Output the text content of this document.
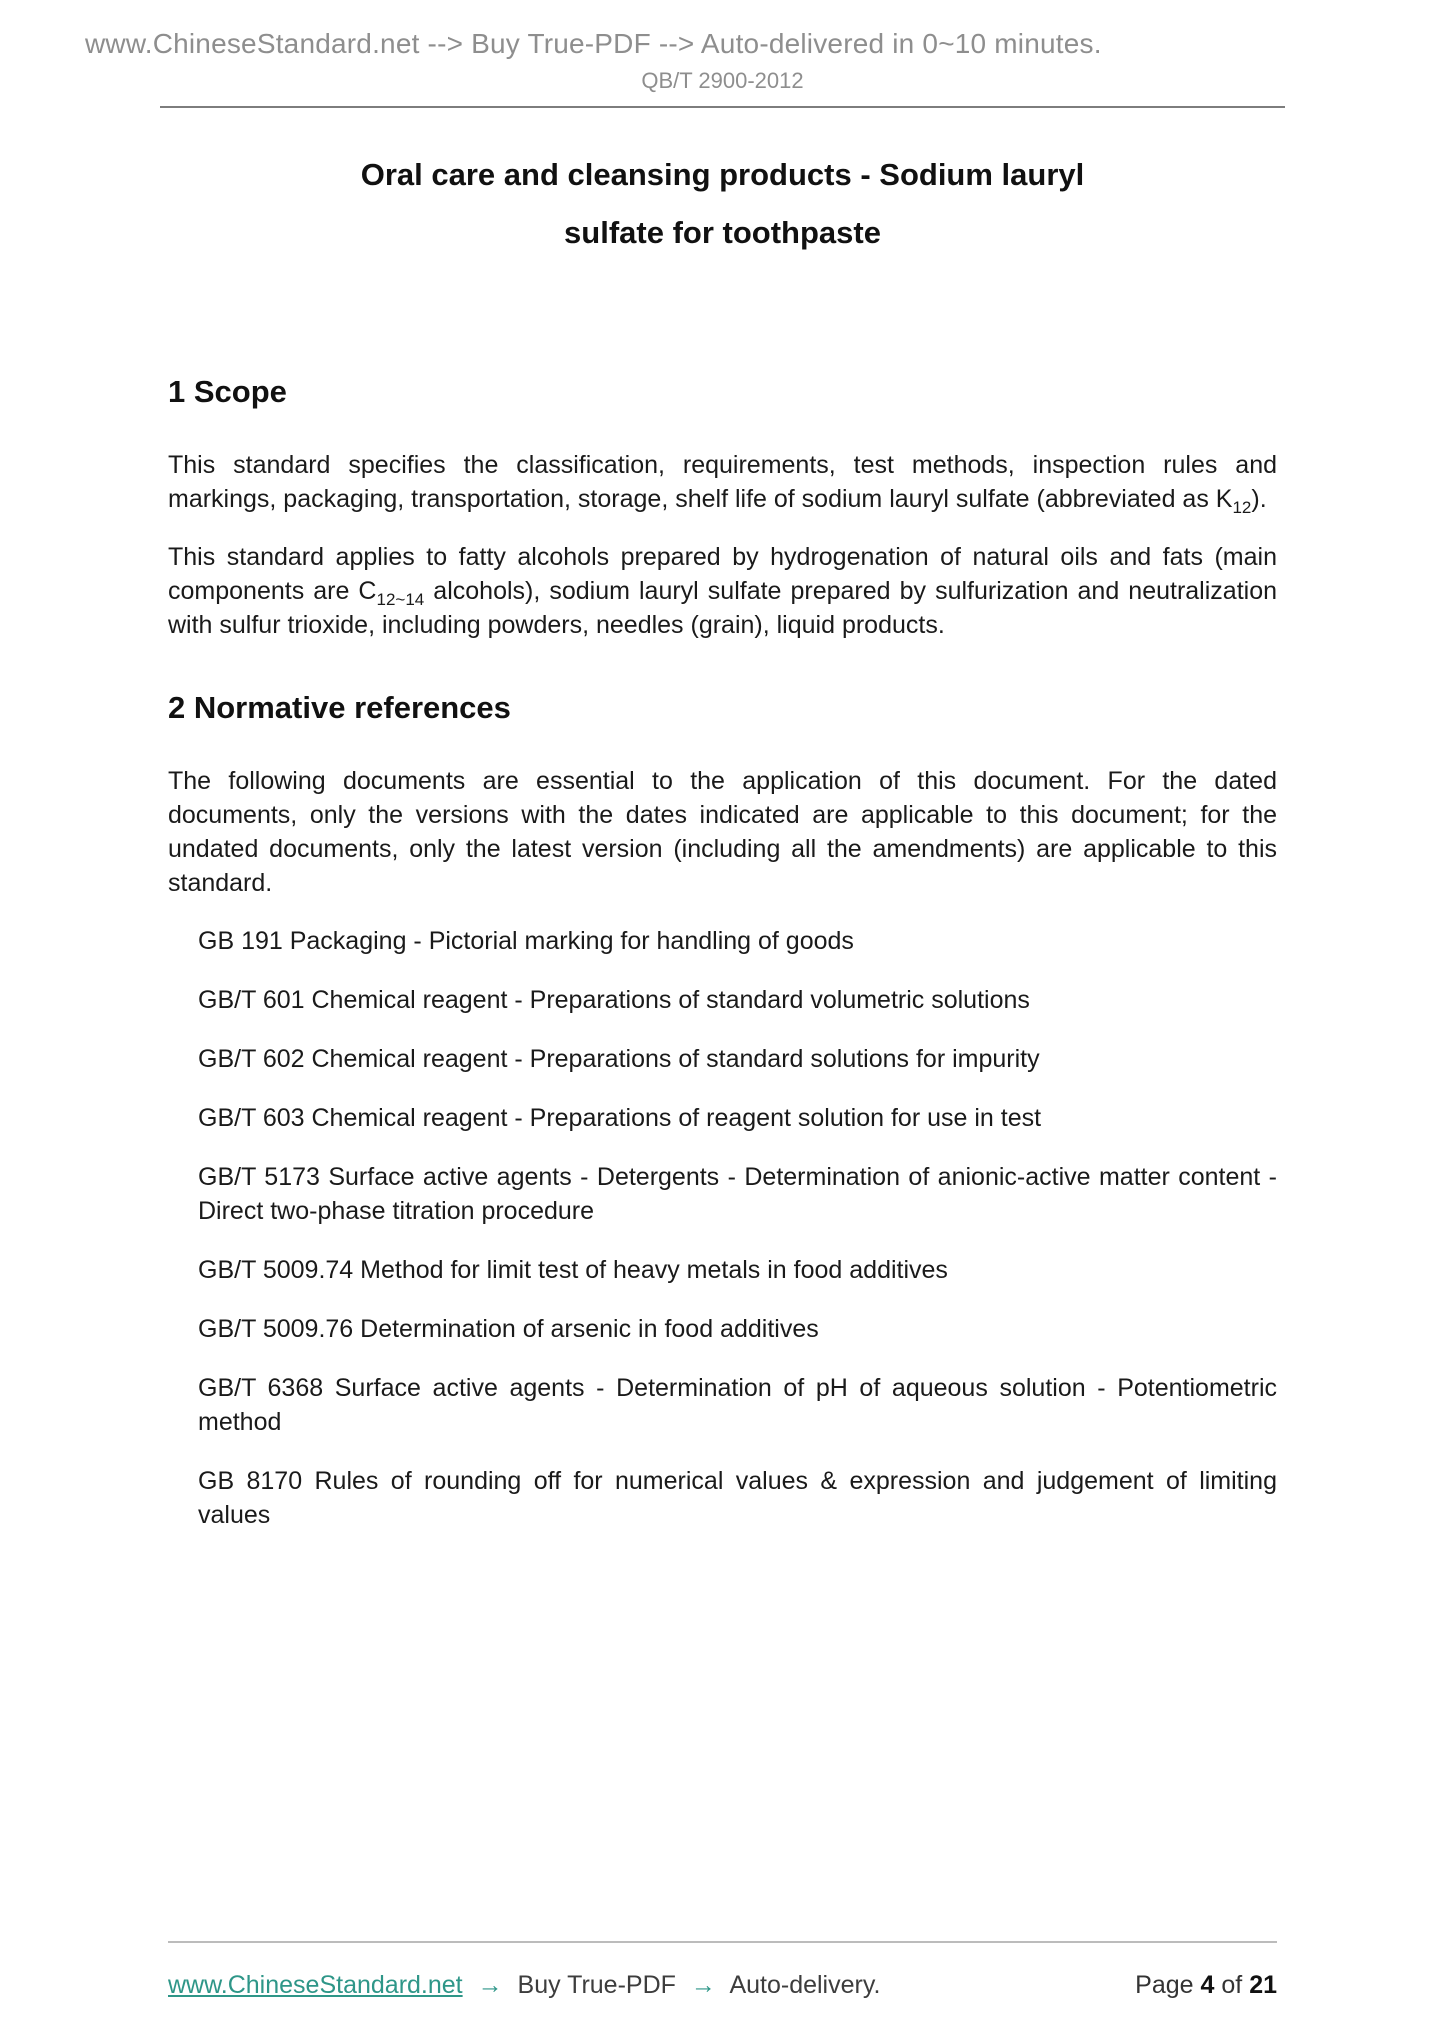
www.ChineseStandard.net --> Buy True-PDF --> Auto-delivered in 0~10 minutes.
QB/T 2900-2012
Oral care and cleansing products - Sodium lauryl
sulfate for toothpaste
1 Scope

This standard specifies the classification, requirements, test methods, inspection rules and markings, packaging, transportation, storage, shelf life of sodium lauryl sulfate (abbreviated as $K_{12}$).

This standard applies to fatty alcohols prepared by hydrogenation of natural oils and fats (main components are $C_{12\sim 14}$ alcohols), sodium lauryl sulfate prepared by sulfurization and neutralization with sulfur trioxide, including powders, needles (grain), liquid products.

2 Normative references

The following documents are essential to the application of this document. For the dated documents, only the versions with the dates indicated are applicable to this document; for the undated documents, only the latest version (including all the amendments) are applicable to this standard.

GB 191 Packaging - Pictorial marking for handling of goods

GB/T 601 Chemical reagent - Preparations of standard volumetric solutions

GB/T 602 Chemical reagent - Preparations of standard solutions for impurity

GB/T 603 Chemical reagent - Preparations of reagent solution for use in test

GB/T 5173 Surface active agents - Detergents - Determination of anionic-active matter content - Direct two-phase titration procedure

GB/T 5009.74 Method for limit test of heavy metals in food additives

GB/T 5009.76 Determination of arsenic in food additives

GB/T 6368 Surface active agents - Determination of pH of aqueous solution - Potentiometric method

GB 8170 Rules of rounding off for numerical values & expression and judgement of limiting values

www.ChineseStandard.net → Buy True-PDF → Auto-delivery.	Page 4 of 21
